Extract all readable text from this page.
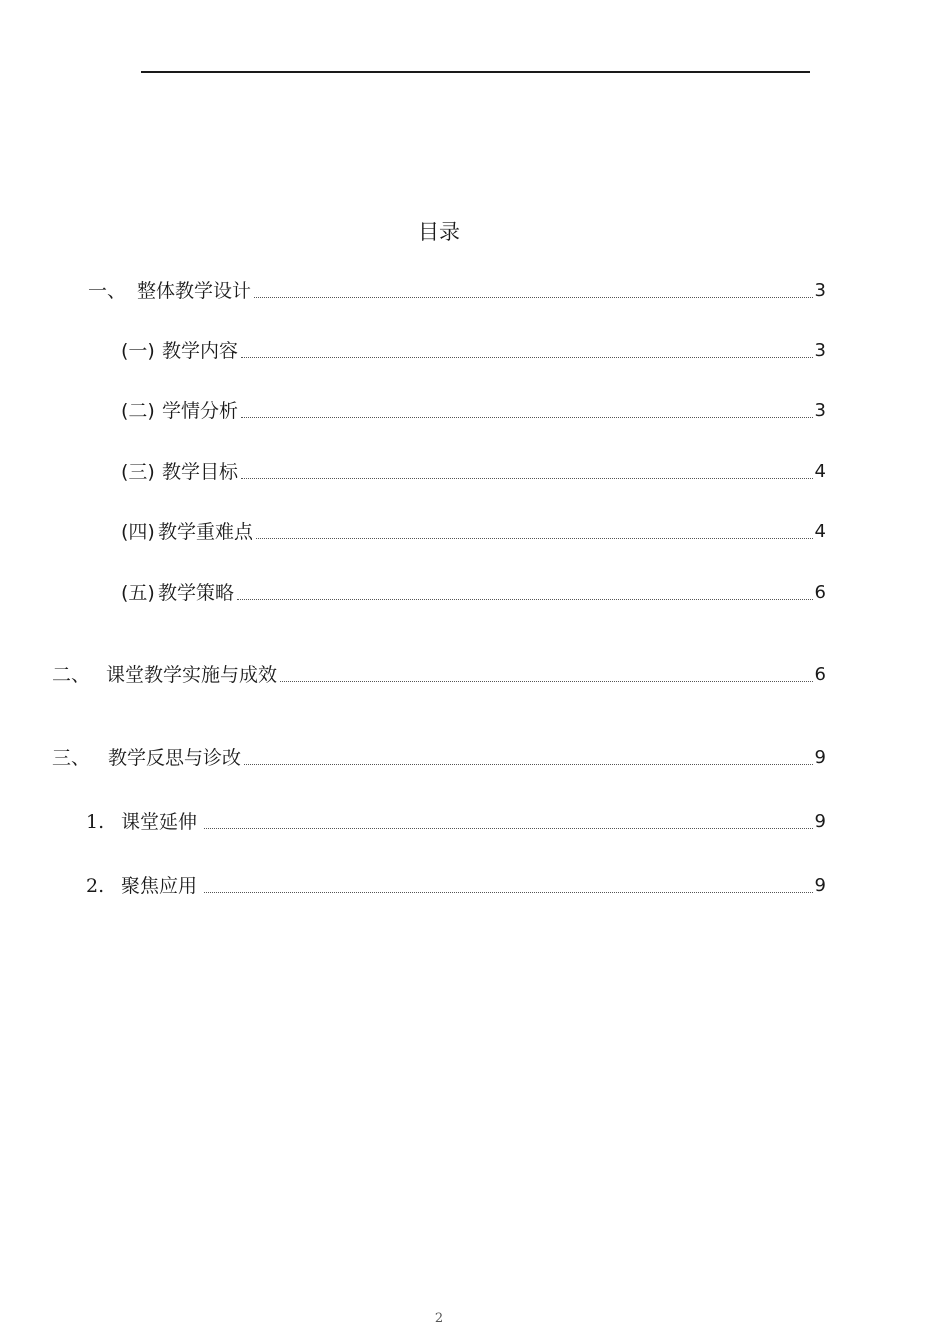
目录
一、 整体教学设计	3
(一) 教学内容	3
(二) 学情分析	3
(三) 教学目标	4
(四) 教学重难点	4
(五) 教学策略	6
二、 课堂教学实施与成效	6
三、 教学反思与诊改	9
1. 课堂延伸	9
2. 聚焦应用	9
2
